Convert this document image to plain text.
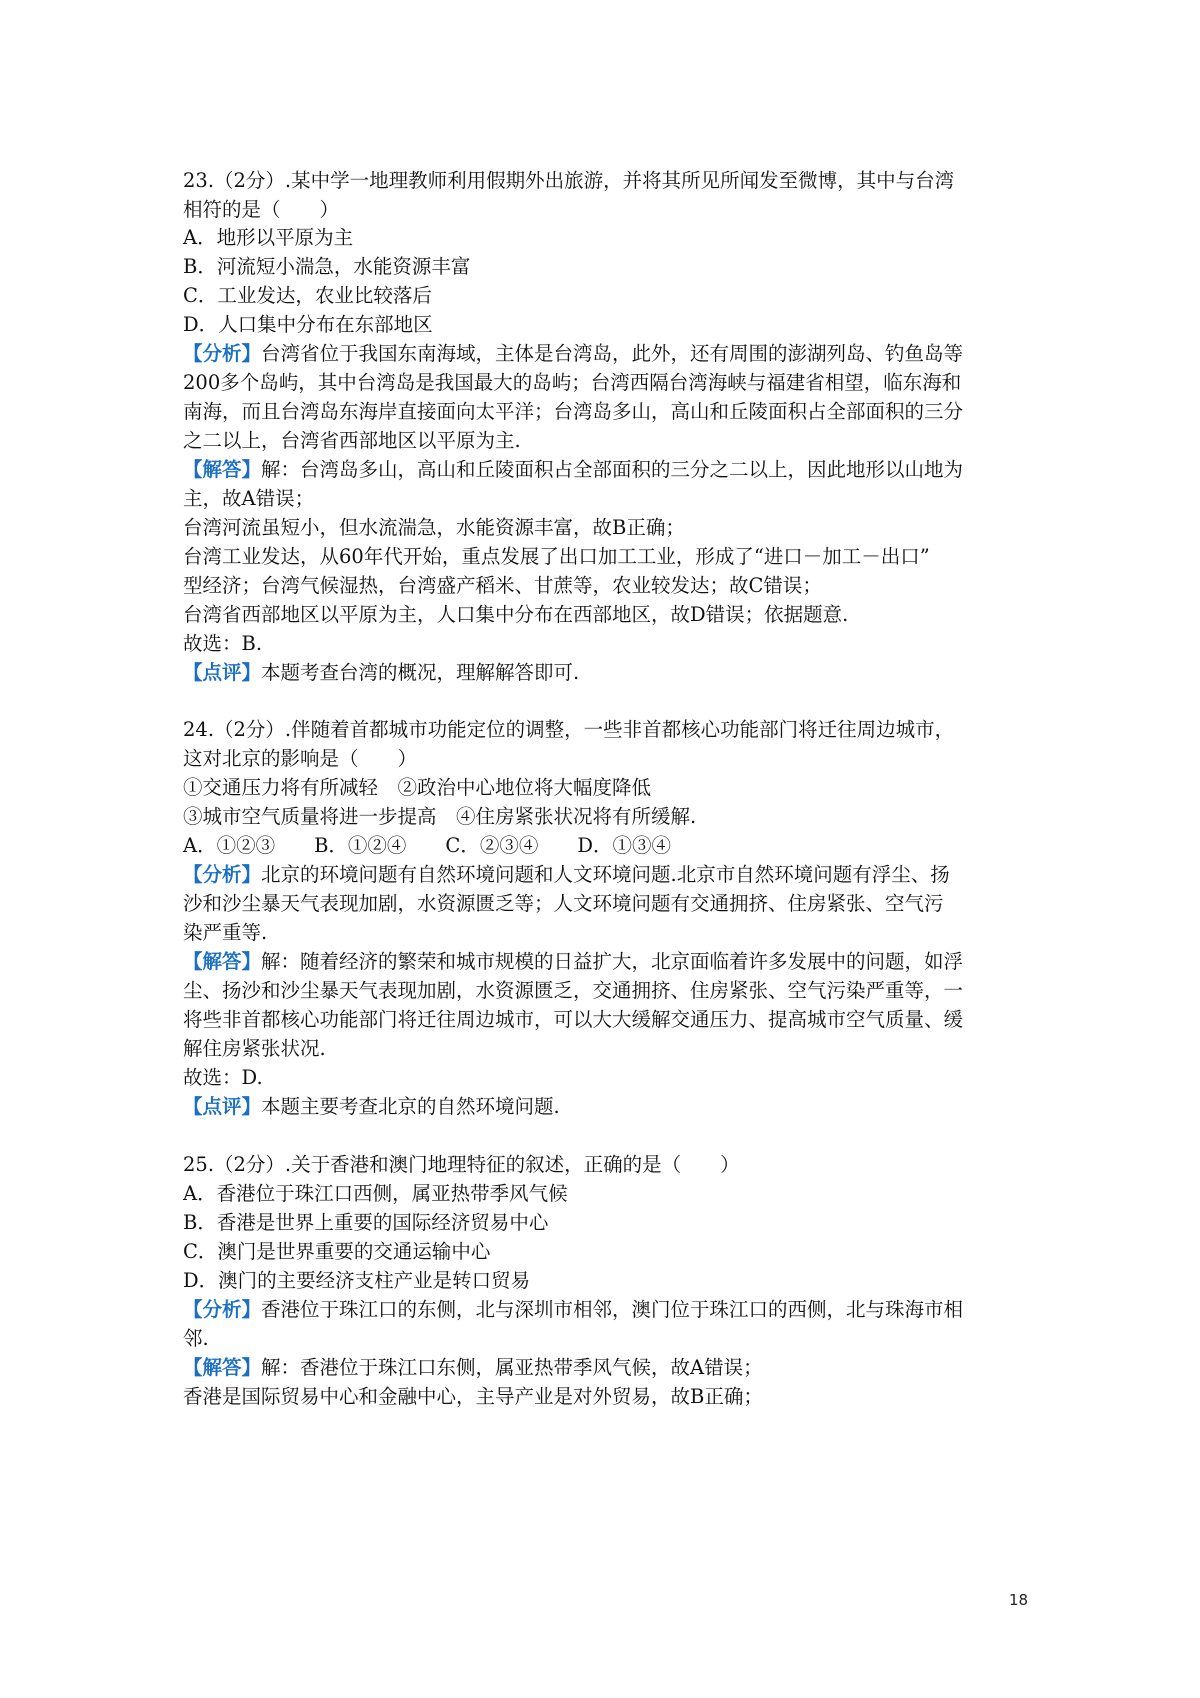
23.（2分）.某中学一地理教师利用假期外出旅游，并将其所见所闻发至微博，其中与台湾
相符的是（　　）
A．地形以平原为主
B．河流短小湍急，水能资源丰富
C．工业发达，农业比较落后
D．人口集中分布在东部地区
【分析】台湾省位于我国东南海域，主体是台湾岛，此外，还有周围的澎湖列岛、钓鱼岛等
200多个岛屿，其中台湾岛是我国最大的岛屿；台湾西隔台湾海峡与福建省相望，临东海和
南海，而且台湾岛东海岸直接面向太平洋；台湾岛多山，高山和丘陵面积占全部面积的三分
之二以上，台湾省西部地区以平原为主.
【解答】解：台湾岛多山，高山和丘陵面积占全部面积的三分之二以上，因此地形以山地为
主，故A错误；
台湾河流虽短小，但水流湍急，水能资源丰富，故B正确；
台湾工业发达，从60年代开始，重点发展了出口加工工业，形成了“进口－加工－出口”
型经济；台湾气候湿热，台湾盛产稻米、甘蔗等，农业较发达；故C错误；
台湾省西部地区以平原为主，人口集中分布在西部地区，故D错误；依据题意.
故选：B.
【点评】本题考查台湾的概况，理解解答即可.
24.（2分）.伴随着首都城市功能定位的调整，一些非首都核心功能部门将迁往周边城市，
这对北京的影响是（　　）
①交通压力将有所减轻　②政治中心地位将大幅度降低
③城市空气质量将进一步提高　④住房紧张状况将有所缓解.
A．①②③　　B．①②④　　C．②③④　　D．①③④
【分析】北京的环境问题有自然环境问题和人文环境问题.北京市自然环境问题有浮尘、扬
沙和沙尘暴天气表现加剧，水资源匮乏等；人文环境问题有交通拥挤、住房紧张、空气污
染严重等.
【解答】解：随着经济的繁荣和城市规模的日益扩大，北京面临着许多发展中的问题，如浮
尘、扬沙和沙尘暴天气表现加剧，水资源匮乏，交通拥挤、住房紧张、空气污染严重等，一
将些非首都核心功能部门将迁往周边城市，可以大大缓解交通压力、提高城市空气质量、缓
解住房紧张状况.
故选：D.
【点评】本题主要考查北京的自然环境问题.
25.（2分）.关于香港和澳门地理特征的叙述，正确的是（　　）
A．香港位于珠江口西侧，属亚热带季风气候
B．香港是世界上重要的国际经济贸易中心
C．澳门是世界重要的交通运输中心
D．澳门的主要经济支柱产业是转口贸易
【分析】香港位于珠江口的东侧，北与深圳市相邻，澳门位于珠江口的西侧，北与珠海市相
邻.
【解答】解：香港位于珠江口东侧，属亚热带季风气候，故A错误；
香港是国际贸易中心和金融中心，主导产业是对外贸易，故B正确；
18
